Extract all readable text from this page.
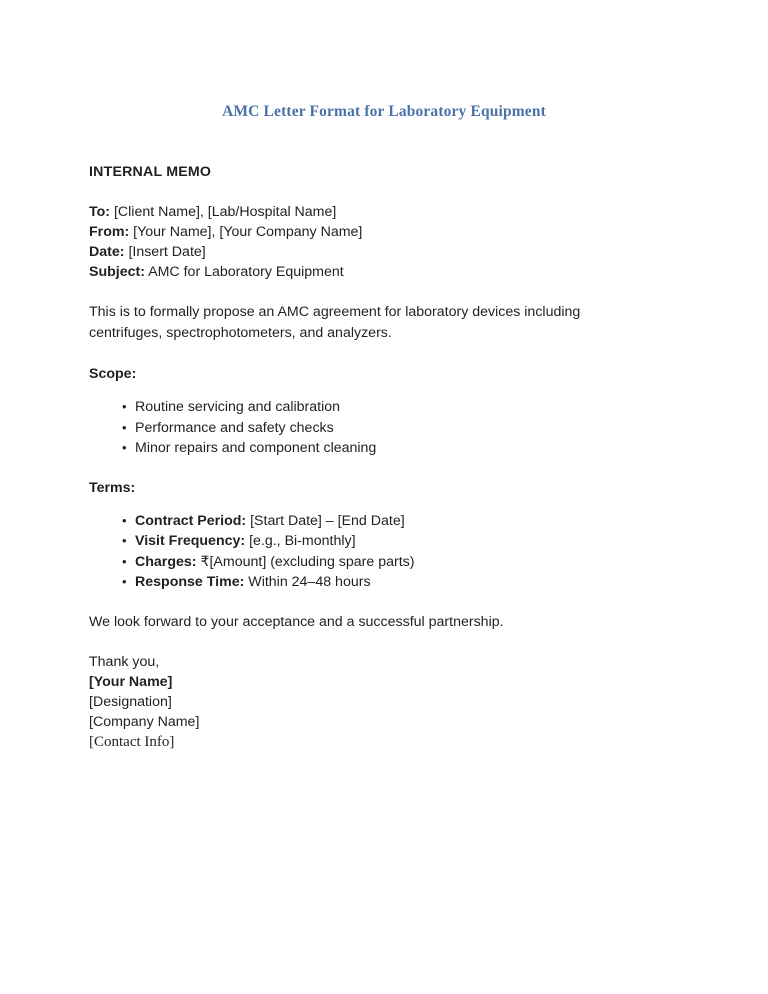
AMC Letter Format for Laboratory Equipment

INTERNAL MEMO

To: [Client Name], [Lab/Hospital Name]

From: [Your Name], [Your Company Name]

Date: [Insert Date]

Subject: AMC for Laboratory Equipment

This is to formally propose an AMC agreement for laboratory devices including centrifuges, spectrophotometers, and analyzers.

Scope:

• Routine servicing and calibration
• Performance and safety checks
• Minor repairs and component cleaning

Terms:

• Contract Period: [Start Date] – [End Date]
• Visit Frequency: [e.g., Bi-monthly]
• Charges: ₹[Amount] (excluding spare parts)
• Response Time: Within 24–48 hours

We look forward to your acceptance and a successful partnership.

Thank you,

[Your Name]

[Designation]

[Company Name]

[Contact Info]
